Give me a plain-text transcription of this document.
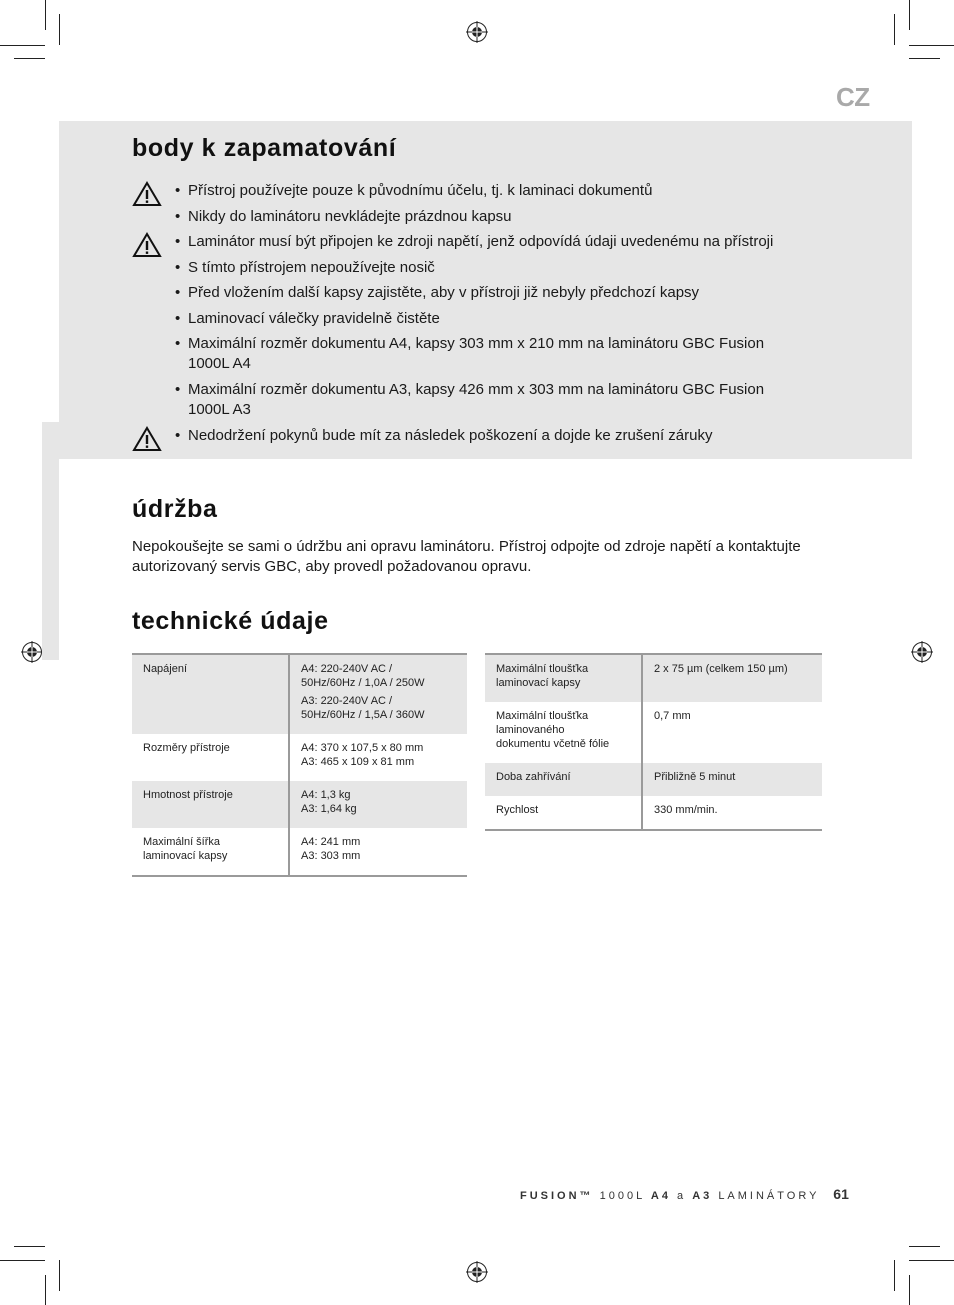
CZ
body k zapamatování
• Přístroj používejte pouze k původnímu účelu, tj. k laminaci dokumentů
• Nikdy do laminátoru nevkládejte prázdnou kapsu
• Laminátor musí být připojen ke zdroji napětí, jenž odpovídá údaji uvedenému na přístroji
• S tímto přístrojem nepoužívejte nosič
• Před vložením další kapsy zajistěte, aby v přístroji již nebyly předchozí kapsy
• Laminovací válečky pravidelně čistěte
• Maximální rozměr dokumentu A4, kapsy 303 mm x 210 mm na laminátoru GBC Fusion 1000L A4
• Maximální rozměr dokumentu A3, kapsy 426 mm x 303 mm na laminátoru GBC Fusion 1000L A3
• Nedodržení pokynů bude mít za následek poškození a dojde ke zrušení záruky
údržba

Nepokoušejte se sami o údržbu ani opravu laminátoru. Přístroj odpojte od zdroje napětí a kontaktujte autorizovaný servis GBC, aby provedl požadovanou opravu.

technické údaje
Napájení	A4: 220-240V AC / 50Hz/60Hz / 1,0A / 250W
A3: 220-240V AC / 50Hz/60Hz / 1,5A / 360W

Rozměry přístroje	A4: 370 x 107,5 x 80 mm
A3: 465 x 109 x 81 mm

Hmotnost přístroje	A4: 1,3 kg
A3: 1,64 kg

Maximální šířka laminovací kapsy	A4: 241 mm
A3: 303 mm
Maximální tloušťka laminovací kapsy	2 x 75 µm (celkem 150 µm)
Maximální tloušťka laminovaného dokumentu včetně fólie	0,7 mm
Doba zahřívání	Přibližně 5 minut
Rychlost	330 mm/min.
FUSION™ 1000L A4 a A3 LAMINÁTORY 61
